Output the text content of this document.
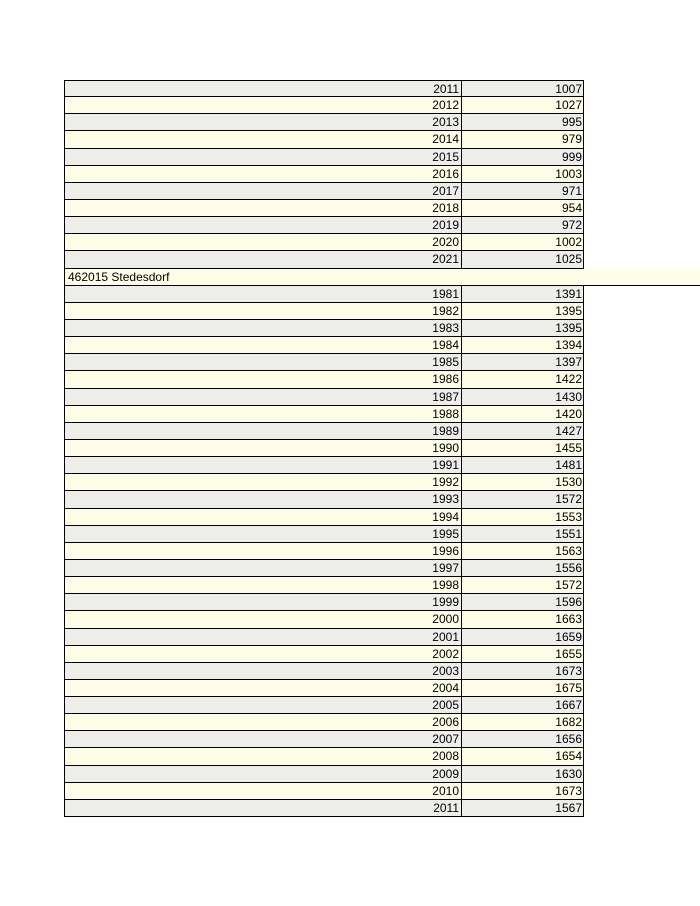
2011	1007
2012	1027
2013	995
2014	979
2015	999
2016	1003
2017	971
2018	954
2019	972
2020	1002
2021	1025
462015 Stedesdorf
1981	1391
1982	1395
1983	1395
1984	1394
1985	1397
1986	1422
1987	1430
1988	1420
1989	1427
1990	1455
1991	1481
1992	1530
1993	1572
1994	1553
1995	1551
1996	1563
1997	1556
1998	1572
1999	1596
2000	1663
2001	1659
2002	1655
2003	1673
2004	1675
2005	1667
2006	1682
2007	1656
2008	1654
2009	1630
2010	1673
2011	1567
